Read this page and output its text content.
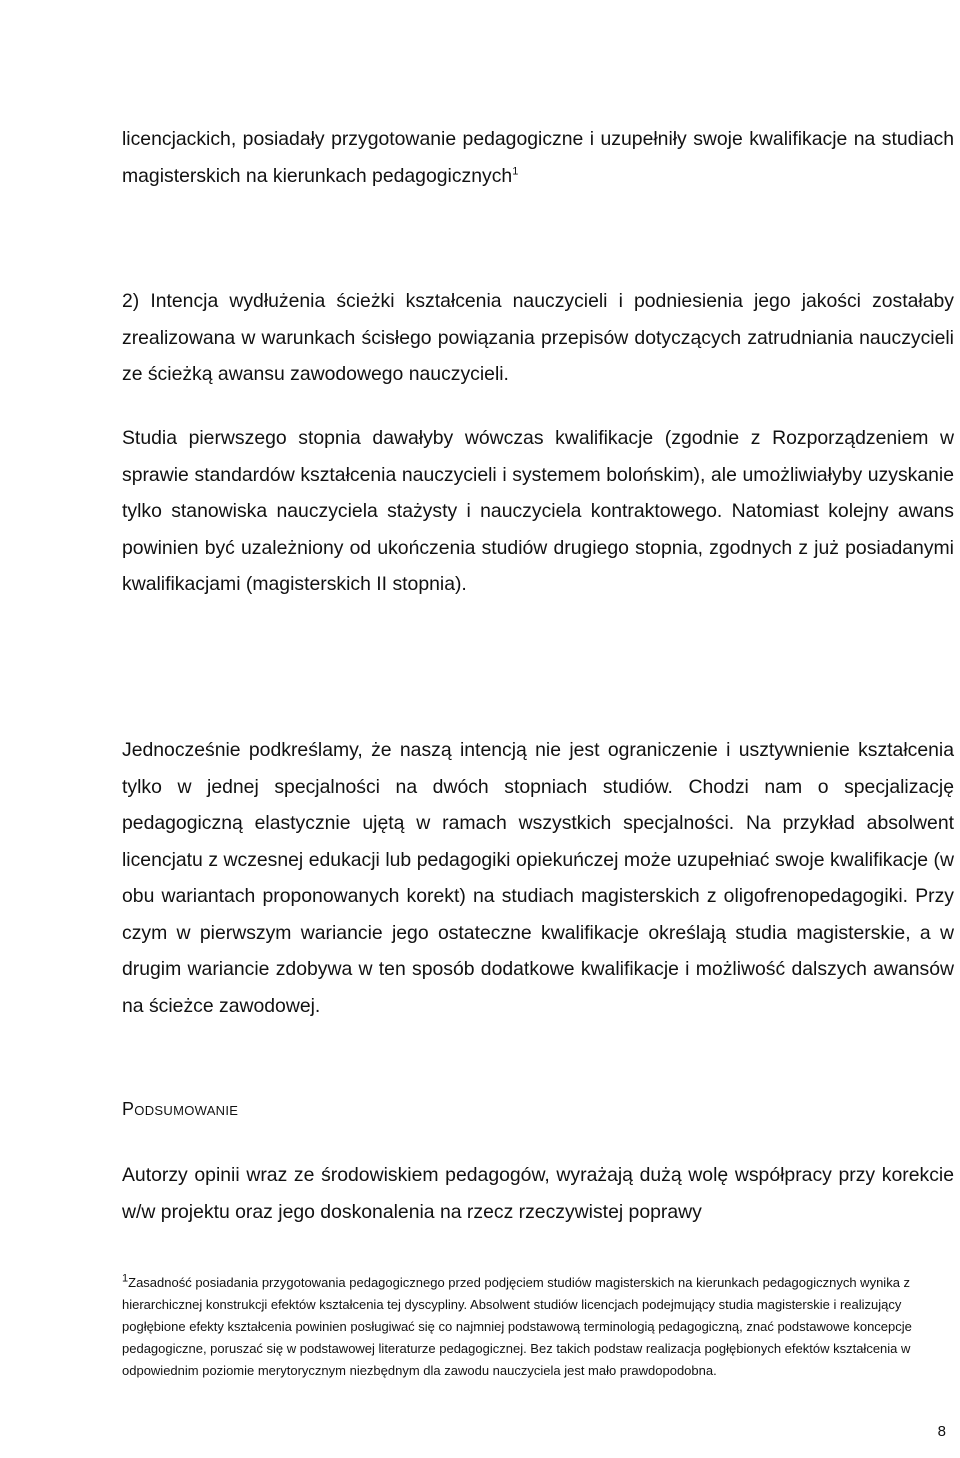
licencjackich, posiadały przygotowanie pedagogiczne i uzupełniły swoje kwalifikacje na studiach magisterskich na kierunkach pedagogicznych$^1$

2) Intencja wydłużenia ścieżki kształcenia nauczycieli i podniesienia jego jakości zostałaby zrealizowana w warunkach ścisłego powiązania przepisów dotyczących zatrudniania nauczycieli ze ścieżką awansu zawodowego nauczycieli.

Studia pierwszego stopnia dawałyby wówczas kwalifikacje (zgodnie z Rozporządzeniem w sprawie standardów kształcenia nauczycieli i systemem bolońskim), ale umożliwiałyby uzyskanie tylko stanowiska nauczyciela stażysty i nauczyciela kontraktowego. Natomiast kolejny awans powinien być uzależniony od ukończenia studiów drugiego stopnia, zgodnych z już posiadanymi kwalifikacjami (magisterskich II stopnia).

Jednocześnie podkreślamy, że naszą intencją nie jest ograniczenie i usztywnienie kształcenia tylko w jednej specjalności na dwóch stopniach studiów. Chodzi nam o specjalizację pedagogiczną elastycznie ujętą w ramach wszystkich specjalności. Na przykład absolwent licencjatu z wczesnej edukacji lub pedagogiki opiekuńczej może uzupełniać swoje kwalifikacje (w obu wariantach proponowanych korekt) na studiach magisterskich z oligofrenopedagogiki. Przy czym w pierwszym wariancie jego ostateczne kwalifikacje określają studia magisterskie, a w drugim wariancie zdobywa w ten sposób dodatkowe kwalifikacje i możliwość dalszych awansów na ścieżce zawodowej.

Podsumowanie

Autorzy opinii wraz ze środowiskiem pedagogów, wyrażają dużą wolę współpracy przy korekcie w/w projektu oraz jego doskonalenia na rzecz rzeczywistej poprawy

$^1$Zasadność posiadania przygotowania pedagogicznego przed podjęciem studiów magisterskich na kierunkach pedagogicznych wynika z hierarchicznej konstrukcji efektów kształcenia tej dyscypliny. Absolwent studiów licencjach podejmujący studia magisterskie i realizujący pogłębione efekty kształcenia powinien posługiwać się co najmniej podstawową terminologią pedagogiczną, znać podstawowe koncepcje pedagogiczne, poruszać się w podstawowej literaturze pedagogicznej. Bez takich podstaw realizacja pogłębionych efektów kształcenia w odpowiednim poziomie merytorycznym niezbędnym dla zawodu nauczyciela jest mało prawdopodobna.

8
